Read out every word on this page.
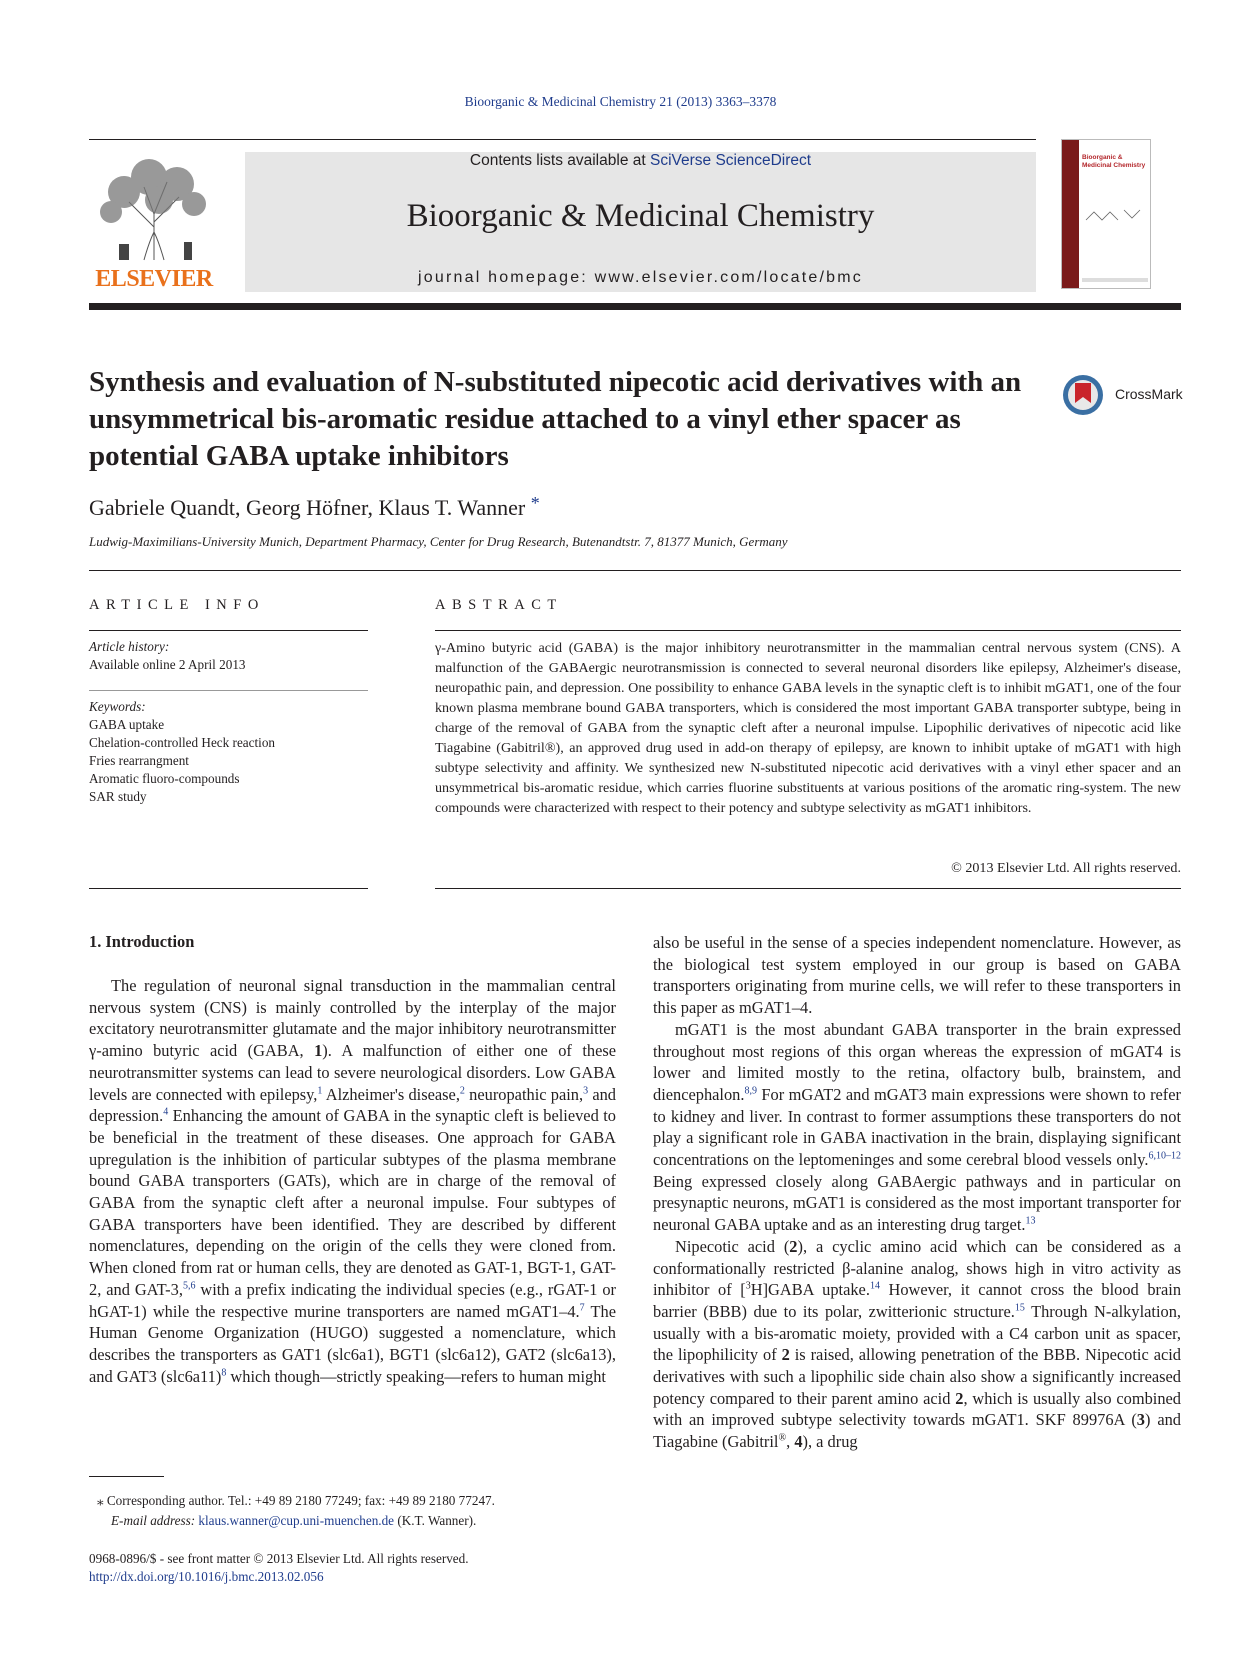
Bioorganic & Medicinal Chemistry 21 (2013) 3363–3378
ELSEVIER
Contents lists available at SciVerse ScienceDirect
Bioorganic & Medicinal Chemistry
journal homepage: www.elsevier.com/locate/bmc
Bioorganic & Medicinal Chemistry
Synthesis and evaluation of N-substituted nipecotic acid derivatives with an unsymmetrical bis-aromatic residue attached to a vinyl ether spacer as potential GABA uptake inhibitors
CrossMark
Gabriele Quandt, Georg Höfner, Klaus T. Wanner *
Ludwig-Maximilians-University Munich, Department Pharmacy, Center for Drug Research, Butenandtstr. 7, 81377 Munich, Germany
ARTICLE INFO	ABSTRACT
Article history:
Available online 2 April 2013
Keywords:
GABA uptake
Chelation-controlled Heck reaction
Fries rearrangment
Aromatic fluoro-compounds
SAR study
γ-Amino butyric acid (GABA) is the major inhibitory neurotransmitter in the mammalian central nervous system (CNS). A malfunction of the GABAergic neurotransmission is connected to several neuronal disorders like epilepsy, Alzheimer's disease, neuropathic pain, and depression. One possibility to enhance GABA levels in the synaptic cleft is to inhibit mGAT1, one of the four known plasma membrane bound GABA transporters, which is considered the most important GABA transporter subtype, being in charge of the removal of GABA from the synaptic cleft after a neuronal impulse. Lipophilic derivatives of nipecotic acid like Tiagabine (Gabitril®), an approved drug used in add-on therapy of epilepsy, are known to inhibit uptake of mGAT1 with high subtype selectivity and affinity. We synthesized new N-substituted nipecotic acid derivatives with a vinyl ether spacer and an unsymmetrical bis-aromatic residue, which carries fluorine substituents at various positions of the aromatic ring-system. The new compounds were characterized with respect to their potency and subtype selectivity as mGAT1 inhibitors.
© 2013 Elsevier Ltd. All rights reserved.
1. Introduction

The regulation of neuronal signal transduction in the mammalian central nervous system (CNS) is mainly controlled by the interplay of the major excitatory neurotransmitter glutamate and the major inhibitory neurotransmitter γ-amino butyric acid (GABA, 1). A malfunction of either one of these neurotransmitter systems can lead to severe neurological disorders. Low GABA levels are connected with epilepsy,$^1$ Alzheimer's disease,$^2$ neuropathic pain,$^3$ and depression.$^4$ Enhancing the amount of GABA in the synaptic cleft is believed to be beneficial in the treatment of these diseases. One approach for GABA upregulation is the inhibition of particular subtypes of the plasma membrane bound GABA transporters (GATs), which are in charge of the removal of GABA from the synaptic cleft after a neuronal impulse. Four subtypes of GABA transporters have been identified. They are described by different nomenclatures, depending on the origin of the cells they were cloned from. When cloned from rat or human cells, they are denoted as GAT-1, BGT-1, GAT-2, and GAT-3,$^{5,6}$ with a prefix indicating the individual species (e.g., rGAT-1 or hGAT-1) while the respective murine transporters are named mGAT1–4.$^7$ The Human Genome Organization (HUGO) suggested a nomenclature, which describes the transporters as GAT1 (slc6a1), BGT1 (slc6a12), GAT2 (slc6a13), and GAT3 $(slc6a11)^8$ which though—strictly speaking—refers to human might

also be useful in the sense of a species independent nomenclature. However, as the biological test system employed in our group is based on GABA transporters originating from murine cells, we will refer to these transporters in this paper as mGAT1–4.

mGAT1 is the most abundant GABA transporter in the brain expressed throughout most regions of this organ whereas the expression of mGAT4 is lower and limited mostly to the retina, olfactory bulb, brainstem, and diencephalon.$^{8,9}$ For mGAT2 and mGAT3 main expressions were shown to refer to kidney and liver. In contrast to former assumptions these transporters do not play a significant role in GABA inactivation in the brain, displaying significant concentrations on the leptomeninges and some cerebral blood vessels only.$^{6,10-12}$ Being expressed closely along GABAergic pathways and in particular on presynaptic neurons, mGAT1 is considered as the most important transporter for neuronal GABA uptake and as an interesting drug target.$^{13}$

Nipecotic acid (2), a cyclic amino acid which can be considered as a conformationally restricted β-alanine analog, shows high in vitro activity as inhibitor of [$^3$H]GABA uptake.$^{14}$ However, it cannot cross the blood brain barrier (BBB) due to its polar, zwitterionic structure.$^{15}$ Through N-alkylation, usually with a bis-aromatic moiety, provided with a C4 carbon unit as spacer, the lipophilicity of 2 is raised, allowing penetration of the BBB. Nipecotic acid derivatives with such a lipophilic side chain also show a significantly increased potency compared to their parent amino acid 2, which is usually also combined with an improved subtype selectivity towards mGAT1. SKF 89976A (3) and Tiagabine (Gabitril®, 4), a drug

⁎ Corresponding author. Tel.: +49 89 2180 77249; fax: +49 89 2180 77247.
E-mail address: klaus.wanner@cup.uni-muenchen.de (K.T. Wanner).
0968-0896/$ - see front matter © 2013 Elsevier Ltd. All rights reserved.
http://dx.doi.org/10.1016/j.bmc.2013.02.056
